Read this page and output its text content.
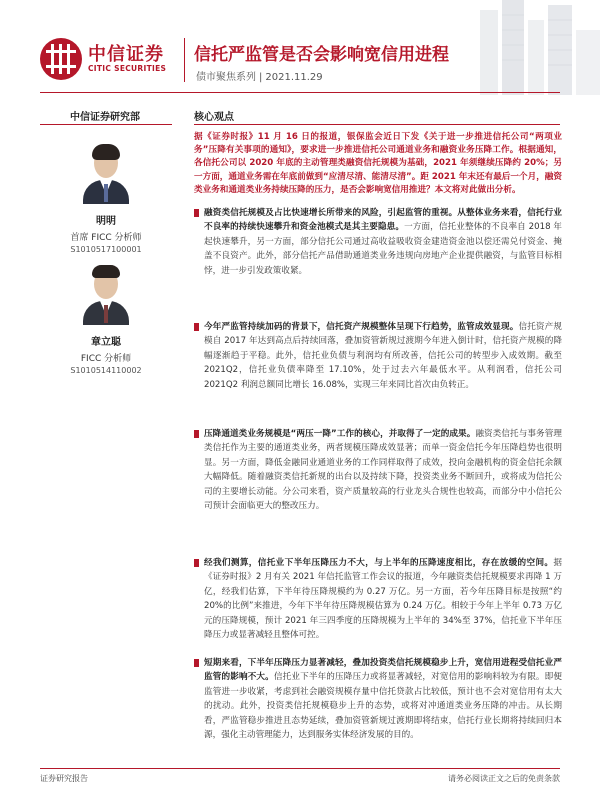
中信证券
CITIC SECURITIES
信托严监管是否会影响宽信用进程
债市聚焦系列 | 2021.11.29
中信证券研究部
明明
首席 FICC 分析师
S1010517100001
章立聪
FICC 分析师
S1010514110002
核心观点
据《证券时报》11 月 16 日的报道，银保监会近日下发《关于进一步推进信托公司“两项业务”压降有关事项的通知》，要求进一步推进信托公司通道业务和融资业务压降工作。根据通知，各信托公司以 2020 年底的主动管理类融资信托规模为基础，2021 年须继续压降约 20%；另一方面，通道业务需在年底前做到“应清尽清、能清尽清”。距 2021 年末还有最后一个月，融资类业务和通道类业务持续压降的压力，是否会影响宽信用推进？本文将对此做出分析。
融资类信托规模及占比快速增长所带来的风险，引起监管的重视。从整体业务来看，信托行业不良率的持续快速攀升和资金池模式是其主要隐患。一方面，信托业整体的不良率自 2018 年起快速攀升，另一方面，部分信托公司通过高收益吸收资金建造资金池以偿还需兑付资金、掩盖不良资产。此外，部分信托产品借助通道类业务违规向房地产企业提供融资，与监管目标相悖，进一步引发政策收紧。
今年严监管持续加码的背景下，信托资产规模整体呈现下行趋势，监管成效显现。信托资产规模自 2017 年达到高点后持续回落，叠加资管新规过渡期今年进入倒计时，信托资产规模的降幅逐渐趋于平稳。此外，信托业负债与利润均有所改善，信托公司的转型步入成效期。截至 2021Q2，信托业负债率降至 17.10%，处于过去六年最低水平。从利润看，信托公司 2021Q2 利润总额同比增长 16.08%，实现三年来同比首次由负转正。
压降通道类业务规模是“两压一降”工作的核心，并取得了一定的成果。融资类信托与事务管理类信托作为主要的通道类业务，两者规模压降成效显著；而单一资金信托今年压降趋势也很明显。另一方面，降低金融同业通道业务的工作同样取得了成效，投向金融机构的资金信托余额大幅降低。随着融资类信托新规的出台以及持续下降，投资类业务不断回升，或将成为信托公司的主要增长动能。分公司来看，资产质量较高的行业龙头合规性也较高，而部分中小信托公司预计会面临更大的整改压力。
经我们测算，信托业下半年压降压力不大，与上半年的压降速度相比，存在放缓的空间。据《证券时报》2 月有关 2021 年信托监管工作会议的报道，今年融资类信托规模要求再降 1 万亿，经我们估算，下半年待压降规模约为 0.27 万亿。另一方面，若今年压降目标是按照“约 20%的比例”来推进，今年下半年待压降规模估算为 0.24 万亿。相较于今年上半年 0.73 万亿元的压降规模，预计 2021 年三四季度的压降规模为上半年的 34%至 37%，信托业下半年压降压力或显著减轻且整体可控。
短期来看，下半年压降压力显著减轻，叠加投资类信托规模稳步上升，宽信用进程受信托业严监管的影响不大。信托业下半年的压降压力或将显著减轻，对宽信用的影响料较为有限。即便监管进一步收紧，考虑到社会融资规模存量中信托贷款占比较低，预计也不会对宽信用有太大的扰动。此外，投资类信托规模稳步上升的态势，或将对冲通道类业务压降的冲击。从长期看，严监管稳步推进且态势延续，叠加资管新规过渡期即将结束，信托行业长期将持续回归本源，强化主动管理能力，达到服务实体经济发展的目的。
证券研究报告	请务必阅读正文之后的免责条款
